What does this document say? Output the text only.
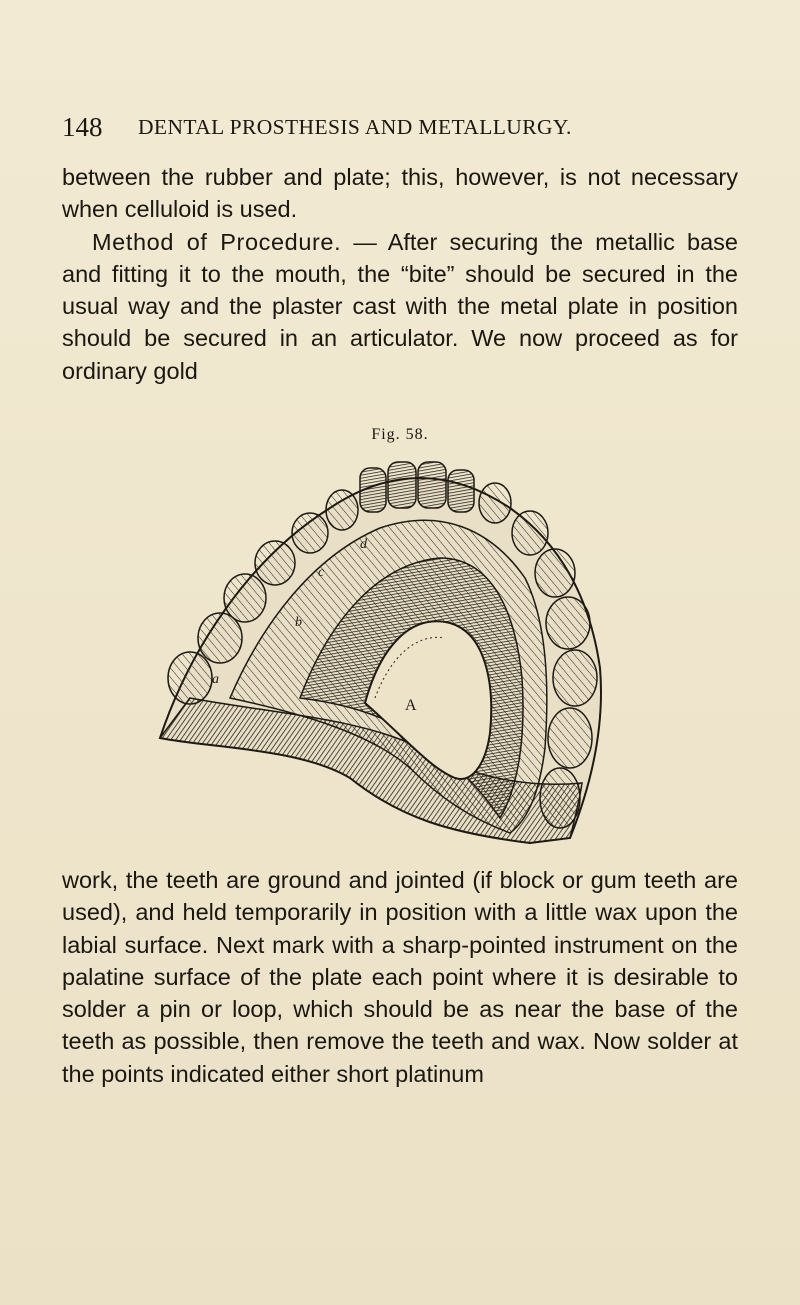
148 DENTAL PROSTHESIS AND METALLURGY.

between the rubber and plate; this, however, is not necessary when celluloid is used.

Method of Procedure. — After securing the metallic base and fitting it to the mouth, the “bite” should be secured in the usual way and the plaster cast with the metal plate in position should be secured in an articulator. We now proceed as for ordinary gold

Fig. 58.
a
b
c
d
A

work, the teeth are ground and jointed (if block or gum teeth are used), and held temporarily in position with a little wax upon the labial surface. Next mark with a sharp-pointed instrument on the palatine surface of the plate each point where it is desirable to solder a pin or loop, which should be as near the base of the teeth as possible, then remove the teeth and wax. Now solder at the points indicated either short platinum
